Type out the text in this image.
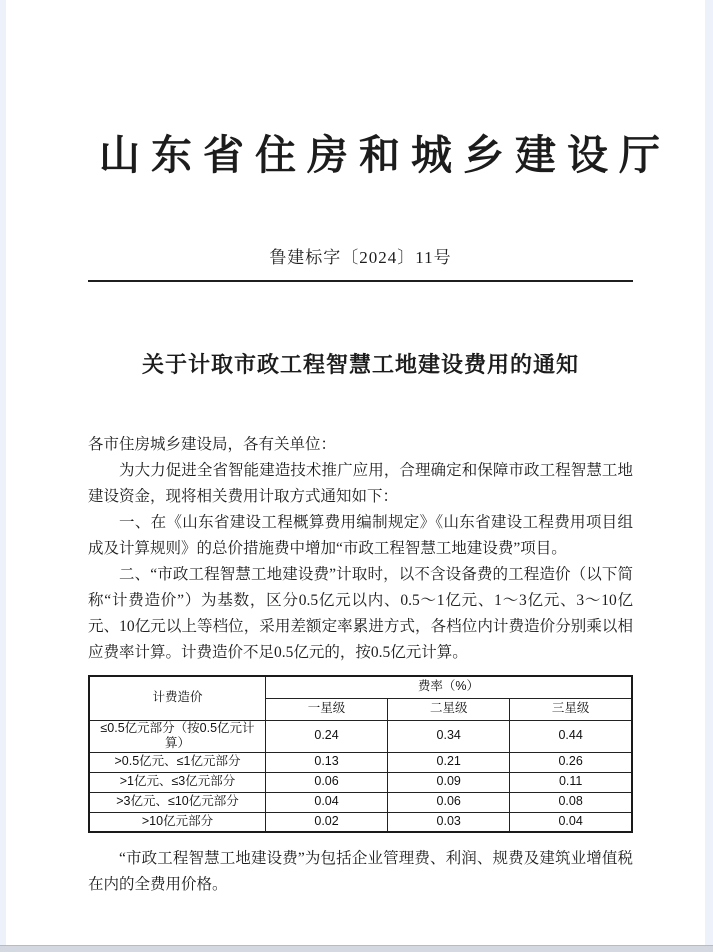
山东省住房和城乡建设厅
鲁建标字〔2024〕11号
关于计取市政工程智慧工地建设费用的通知

各市住房城乡建设局，各有关单位：

为大力促进全省智能建造技术推广应用，合理确定和保障市政工程智慧工地建设资金，现将相关费用计取方式通知如下：

一、在《山东省建设工程概算费用编制规定》《山东省建设工程费用项目组成及计算规则》的总价措施费中增加“市政工程智慧工地建设费”项目。

二、“市政工程智慧工地建设费”计取时，以不含设备费的工程造价（以下简称“计费造价”）为基数，区分0.5亿元以内、0.5～1亿元、1～3亿元、3～10亿元、10亿元以上等档位，采用差额定率累进方式，各档位内计费造价分别乘以相应费率计算。计费造价不足0.5亿元的，按0.5亿元计算。

计费造价	费率（%）		
	一星级	二星级	三星级
≤0.5亿元部分（按0.5亿元计算）	0.24	0.34	0.44
>0.5亿元、≤1亿元部分	0.13	0.21	0.26
>1亿元、≤3亿元部分	0.06	0.09	0.11
>3亿元、≤10亿元部分	0.04	0.06	0.08
>10亿元部分	0.02	0.03	0.04

“市政工程智慧工地建设费”为包括企业管理费、利润、规费及建筑业增值税在内的全费用价格。
